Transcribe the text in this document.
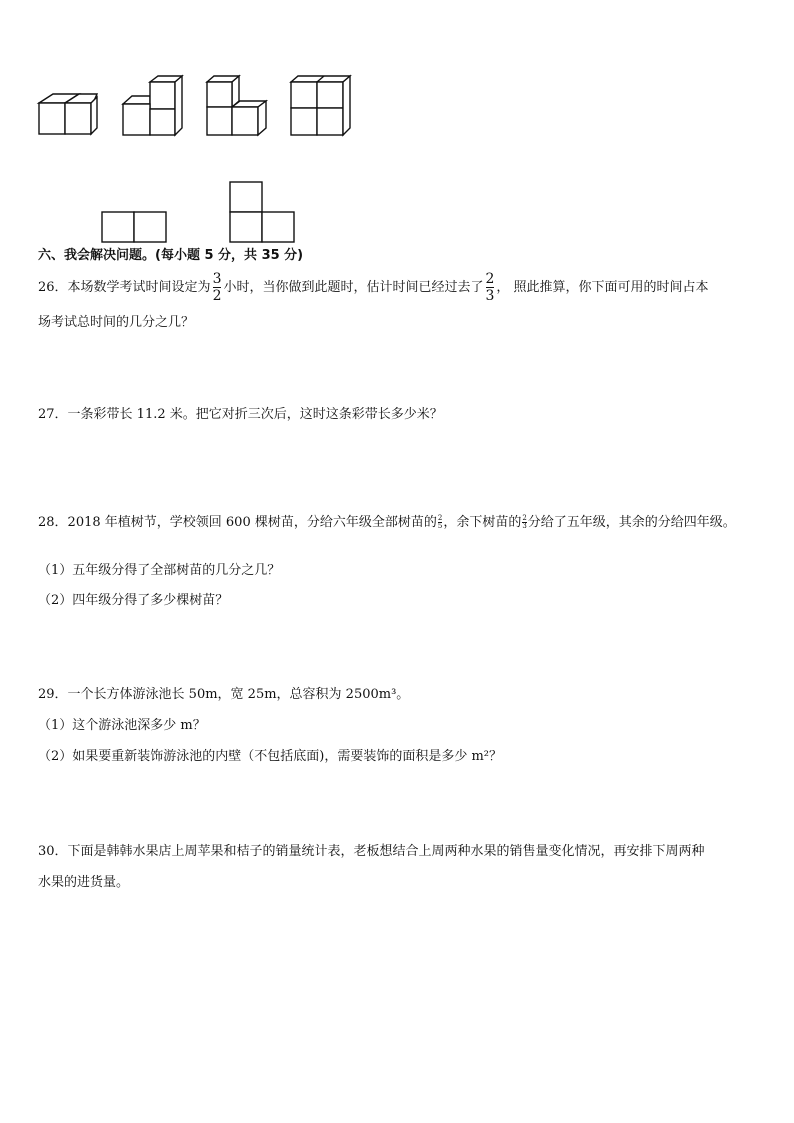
六、我会解决问题。(每小题 5 分，共 35 分)
26．本场数学考试时间设定为 $\frac{3}{2}$ 小时，当你做到此题时，估计时间已经过去了 $\frac{2}{3}$ ， 照此推算，你下面可用的时间占本
场考试总时间的几分之几？
27．一条彩带长 11.2 米。把它对折三次后，这时这条彩带长多少米？
28．2018 年植树节，学校领回 600 棵树苗，分给六年级全部树苗的 $\frac{2}{5}$ ，余下树苗的 $\frac{2}{3}$ 分给了五年级，其余的分给四年级。
（1）五年级分得了全部树苗的几分之几？
（2）四年级分得了多少棵树苗？
29．一个长方体游泳池长 50m，宽 25m，总容积为 2500m³。
（1）这个游泳池深多少 m？
（2）如果要重新装饰游泳池的内壁（不包括底面)，需要装饰的面积是多少 m²？
30．下面是韩韩水果店上周苹果和桔子的销量统计表，老板想结合上周两种水果的销售量变化情况，再安排下周两种
水果的进货量。
